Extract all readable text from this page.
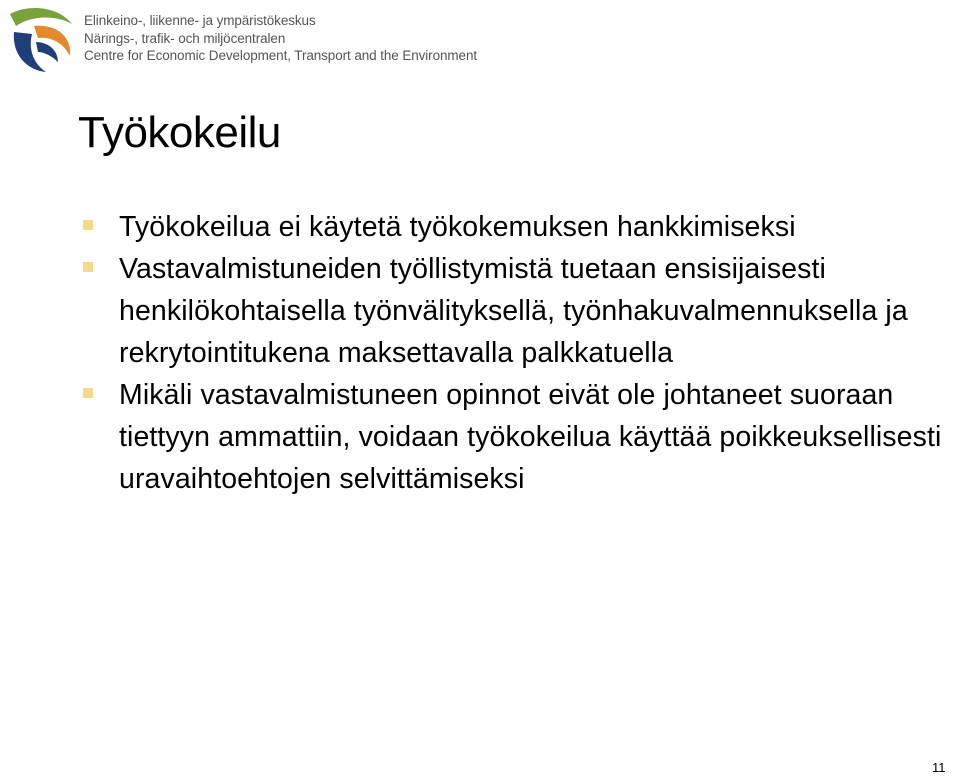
Elinkeino-, liikenne- ja ympäristökeskus
Närings-, trafik- och miljöcentralen
Centre for Economic Development, Transport and the Environment
Työkokeilu
Työkokeilua ei käytetä työkokemuksen hankkimiseksi
Vastavalmistuneiden työllistymistä tuetaan ensisijaisesti henkilökohtaisella työnvälityksellä, työnhakuvalmennuksella ja rekrytointitukena maksettavalla palkkatuella
Mikäli vastavalmistuneen opinnot eivät ole johtaneet suoraan tiettyyn ammattiin, voidaan työkokeilua käyttää poikkeuksellisesti uravaihtoehtojen selvittämiseksi
11
